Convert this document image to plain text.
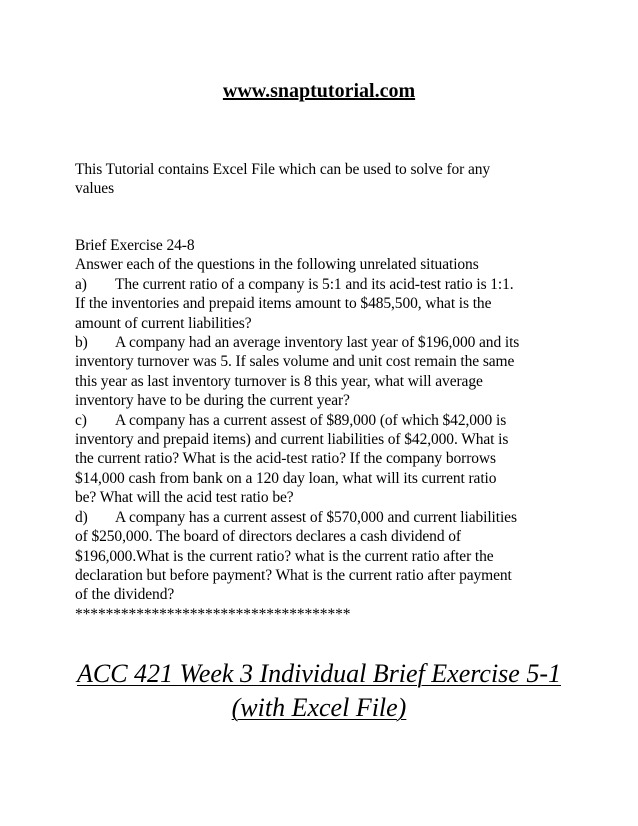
www.snaptutorial.com
This Tutorial contains Excel File which can be used to solve for any
values
Brief Exercise 24-8
Answer each of the questions in the following unrelated situations
a) The current ratio of a company is 5:1 and its acid-test ratio is 1:1.
If the inventories and prepaid items amount to $485,500, what is the
amount of current liabilities?
b) A company had an average inventory last year of $196,000 and its
inventory turnover was 5. If sales volume and unit cost remain the same
this year as last inventory turnover is 8 this year, what will average
inventory have to be during the current year?
c) A company has a current assest of $89,000 (of which $42,000 is
inventory and prepaid items) and current liabilities of $42,000. What is
the current ratio? What is the acid-test ratio? If the company borrows
$14,000 cash from bank on a 120 day loan, what will its current ratio
be? What will the acid test ratio be?
d) A company has a current assest of $570,000 and current liabilities
of $250,000. The board of directors declares a cash dividend of
$196,000.What is the current ratio? what is the current ratio after the
declaration but before payment? What is the current ratio after payment
of the dividend?
************************************
ACC 421 Week 3 Individual Brief Exercise 5-1
(with Excel File)
